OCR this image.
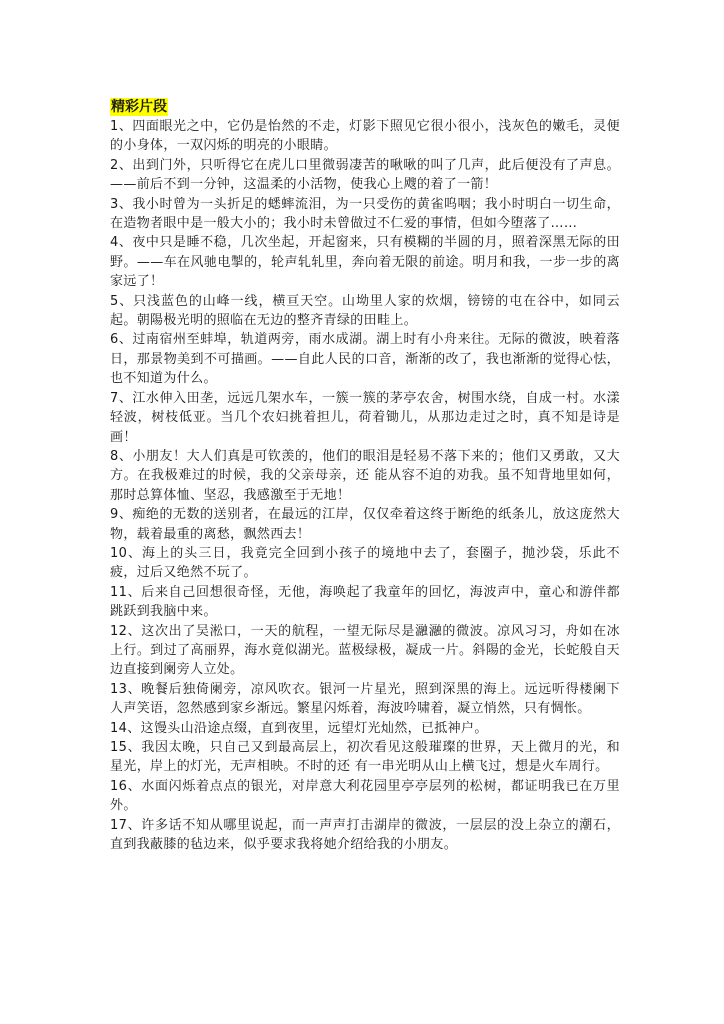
精彩片段

1、四面眼光之中，它仍是怡然的不走，灯影下照见它很小很小，浅灰色的嫩毛，灵便的小身体，一双闪烁的明亮的小眼睛。

2、出到门外，只听得它在虎儿口里微弱凄苦的啾啾的叫了几声，此后便没有了声息。——前后不到一分钟，这温柔的小活物，使我心上飕的着了一箭！

3、我小时曾为一头折足的蟋蟀流泪，为一只受伤的黄雀呜咽；我小时明白一切生命，在造物者眼中是一般大小的；我小时未曾做过不仁爱的事情，但如今堕落了……

4、夜中只是睡不稳，几次坐起，开起窗来，只有模糊的半圆的月，照着深黑无际的田野。——车在风驰电掣的，轮声轧轧里，奔向着无限的前途。明月和我，一步一步的离家远了！

5、只浅蓝色的山峰一线，横亘天空。山坳里人家的炊烟，镑镑的屯在谷中，如同云起。朝陽极光明的照临在无边的整齐青绿的田畦上。

6、过南宿州至蚌埠，轨道两旁，雨水成湖。湖上时有小舟来往。无际的微波，映着落日，那景物美到不可描画。——自此人民的口音，渐渐的改了，我也渐渐的觉得心怯，也不知道为什么。

7、江水伸入田垄，远远几架水车，一簇一簇的茅亭农舍，树围水绕，自成一村。水漾轻波，树枝低亚。当几个农妇挑着担儿，荷着锄儿，从那边走过之时，真不知是诗是画！

8、小朋友！大人们真是可钦羡的，他们的眼泪是轻易不落下来的；他们又勇敢，又大方。在我极难过的时候，我的父亲母亲，还 能从容不迫的劝我。虽不知背地里如何，那时总算体恤、坚忍，我感激至于无地！

9、痴绝的无数的送别者，在最远的江岸，仅仅牵着这终于断绝的纸条儿，放这庞然大物，载着最重的离愁，飘然西去！

10、海上的头三日，我竟完全回到小孩子的境地中去了，套圈子，抛沙袋，乐此不疲，过后又绝然不玩了。

11、后来自己回想很奇怪，无他，海唤起了我童年的回忆，海波声中，童心和游伴都跳跃到我脑中来。

12、这次出了吴淞口，一天的航程，一望无际尽是瀜瀜的微波。凉风习习，舟如在冰上行。到过了高丽界，海水竟似湖光。蓝极绿极，凝成一片。斜陽的金光，长蛇般自天边直接到阑旁人立处。

13、晚餐后独倚阑旁，凉风吹衣。银河一片星光，照到深黑的海上。远远听得楼阑下人声笑语，忽然感到家乡渐远。繁星闪烁着，海波吟啸着，凝立悄然，只有惆怅。

14、这馒头山沿途点缀，直到夜里，远望灯光灿然，已抵神户。

15、我因太晚，只自己又到最高层上，初次看见这般璀璨的世界，天上微月的光，和星光，岸上的灯光，无声相映。不时的还 有一串光明从山上横飞过，想是火车周行。

16、水面闪烁着点点的银光，对岸意大利花园里亭亭层列的松树，都证明我已在万里外。

17、许多话不知从哪里说起，而一声声打击湖岸的微波，一层层的没上杂立的潮石，直到我蔽膝的毡边来，似乎要求我将她介绍给我的小朋友。
